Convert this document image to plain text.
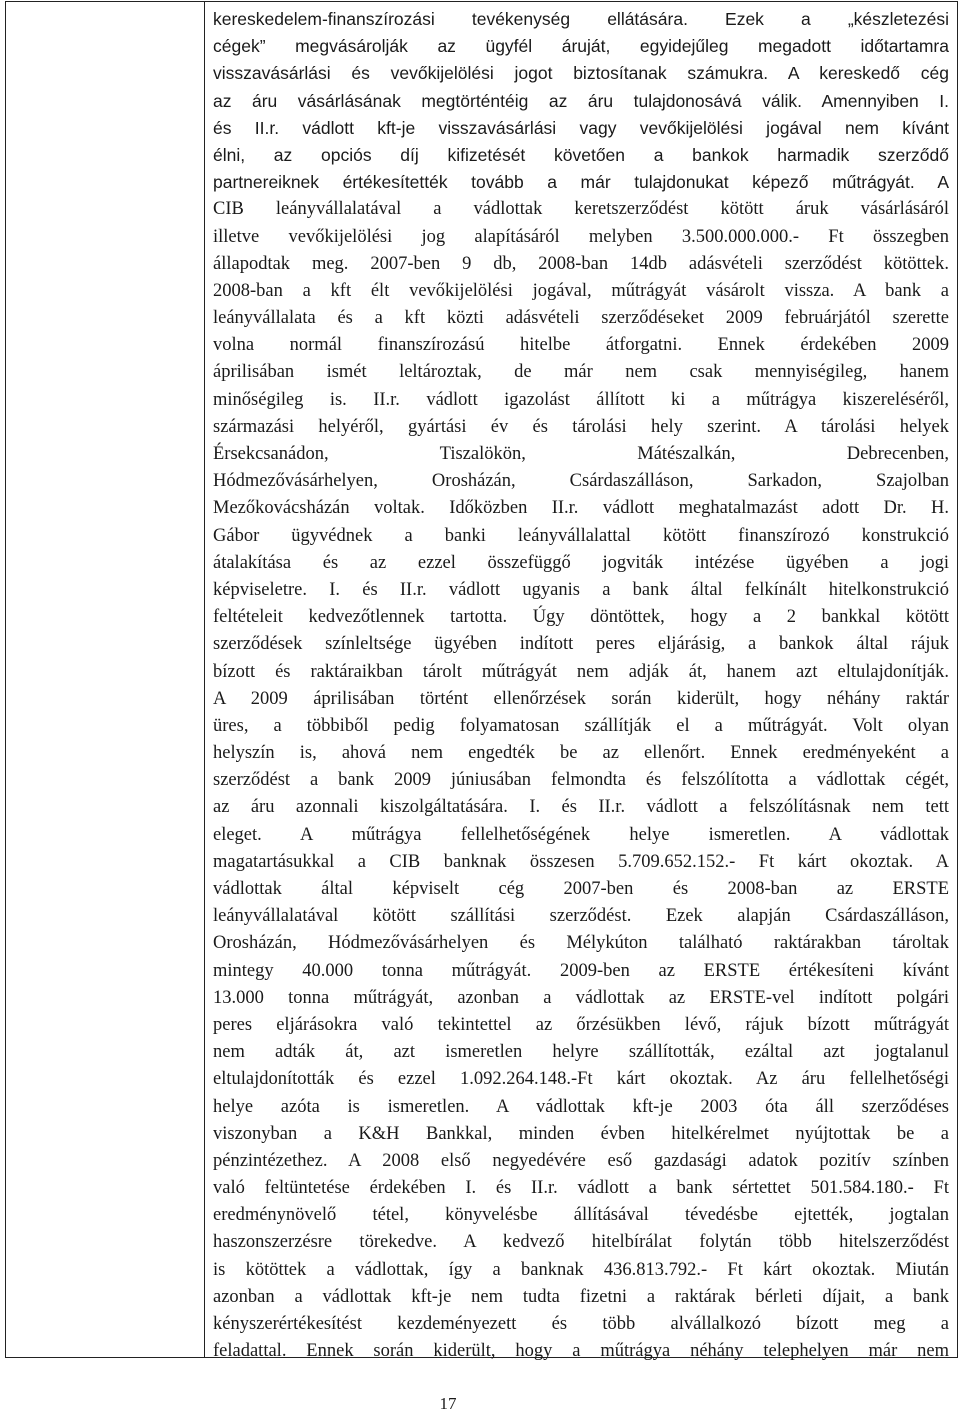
kereskedelem-finanszírozási tevékenység ellátására. Ezek a „készletezési
cégek” megvásárolják az ügyfél áruját, egyidejűleg megadott időtartamra
visszavásárlási és vevőkijelölési jogot biztosítanak számukra. A kereskedő cég
az áru vásárlásának megtörténtéig az áru tulajdonosává válik. Amennyiben I.
és II.r. vádlott kft-je visszavásárlási vagy vevőkijelölési jogával nem kívánt
élni, az opciós díj kifizetését követően a bankok harmadik szerződő
partnereiknek értékesítették tovább a már tulajdonukat képező műtrágyát. A
CIB leányvállalatával a vádlottak keretszerződést kötött áruk vásárlásáról
illetve vevőkijelölési jog alapításáról melyben 3.500.000.000.- Ft összegben
állapodtak meg. 2007-ben 9 db, 2008-ban 14db adásvételi szerződést kötöttek.
2008-ban a kft élt vevőkijelölési jogával, műtrágyát vásárolt vissza. A bank a
leányvállalata és a kft közti adásvételi szerződéseket 2009 februárjától szerette
volna normál finanszírozású hitelbe átforgatni. Ennek érdekében 2009
áprilisában ismét leltároztak, de már nem csak mennyiségileg, hanem
minőségileg is. II.r. vádlott igazolást állított ki a műtrágya kiszereléséről,
származási helyéről, gyártási év és tárolási hely szerint. A tárolási helyek
Érsekcsanádon, Tiszalökön, Mátészalkán, Debrecenben,
Hódmezővásárhelyen, Orosházán, Csárdaszálláson, Sarkadon, Szajolban
Mezőkovácsházán voltak. Időközben II.r. vádlott meghatalmazást adott Dr. H.
Gábor ügyvédnek a banki leányvállalattal kötött finanszírozó konstrukció
átalakítása és az ezzel összefüggő jogviták intézése ügyében a jogi
képviseletre. I. és II.r. vádlott ugyanis a bank által felkínált hitelkonstrukció
feltételeit kedvezőtlennek tartotta. Úgy döntöttek, hogy a 2 bankkal kötött
szerződések színleltsége ügyében indított peres eljárásig, a bankok által rájuk
bízott és raktáraikban tárolt műtrágyát nem adják át, hanem azt eltulajdonítják.
A 2009 áprilisában történt ellenőrzések során kiderült, hogy néhány raktár
üres, a többiből pedig folyamatosan szállítják el a műtrágyát. Volt olyan
helyszín is, ahová nem engedték be az ellenőrt. Ennek eredményeként a
szerződést a bank 2009 júniusában felmondta és felszólította a vádlottak cégét,
az áru azonnali kiszolgáltatására. I. és II.r. vádlott a felszólításnak nem tett
eleget. A műtrágya fellelhetőségének helye ismeretlen. A vádlottak
magatartásukkal a CIB banknak összesen 5.709.652.152.- Ft kárt okoztak. A
vádlottak által képviselt cég 2007-ben és 2008-ban az ERSTE
leányvállalatával kötött szállítási szerződést. Ezek alapján Csárdaszálláson,
Orosházán, Hódmezővásárhelyen és Mélykúton található raktárakban tároltak
mintegy 40.000 tonna műtrágyát. 2009-ben az ERSTE értékesíteni kívánt
13.000 tonna műtrágyát, azonban a vádlottak az ERSTE-vel indított polgári
peres eljárásokra való tekintettel az őrzésükben lévő, rájuk bízott műtrágyát
nem adták át, azt ismeretlen helyre szállították, ezáltal azt jogtalanul
eltulajdonították és ezzel 1.092.264.148.-Ft kárt okoztak. Az áru fellelhetőségi
helye azóta is ismeretlen. A vádlottak kft-je 2003 óta áll szerződéses
viszonyban a K&H Bankkal, minden évben hitelkérelmet nyújtottak be a
pénzintézethez. A 2008 első negyedévére eső gazdasági adatok pozitív színben
való feltüntetése érdekében I. és II.r. vádlott a bank sértettet 501.584.180.- Ft
eredménynövelő tétel, könyvelésbe állításával tévedésbe ejtették, jogtalan
haszonszerzésre törekedve. A kedvező hitelbírálat folytán több hitelszerződést
is kötöttek a vádlottak, így a banknak 436.813.792.- Ft kárt okoztak. Miután
azonban a vádlottak kft-je nem tudta fizetni a raktárak bérleti díjait, a bank
kényszerértékesítést kezdeményezett és több alvállalkozó bízott meg a
feladattal. Ennek során kiderült, hogy a műtrágya néhány telephelyen már nem
17
